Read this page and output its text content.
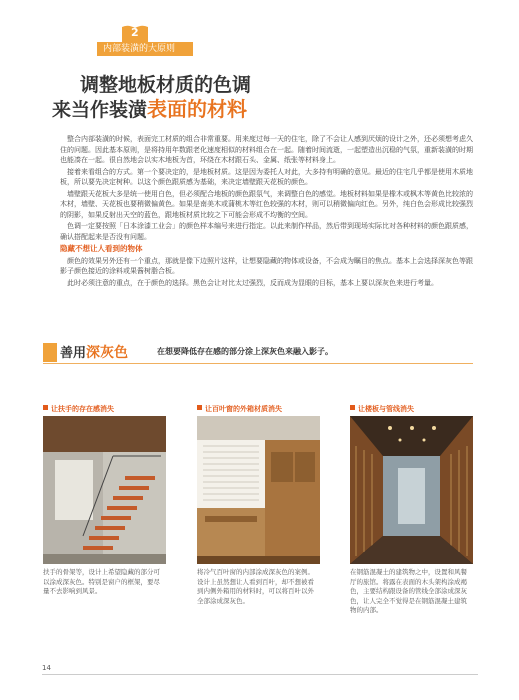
2
内部装潢的大原则
调整地板材质的色调
来当作装潢表面的材料

整合内部装潢的时候，表面完工材质的组合非常重要。用来度过每一天的住宅，除了不会让人感到厌烦的设计之外，还必须想考虑久住的问题。因此基本原则，是将持用年数跟老化速度相似的材料组合在一起。随着时间流逝，一起塑造出沉稳的气氛，重新装潢的时期也能凑在一起。很自然地会以实木地板为首，环绕在木材跟石头、金属、纸张等材料身上。

接着来看组合的方式。第一个要决定的，是地板材质。这是因为委托人对此，大多持有明确的意见。最近的住宅几乎都是使用木质地板，所以要先决定树种。以这个颜色跟质感为基础，来决定墙壁跟天花板的颜色。

墙壁跟天花板大多是统一使用白色，但必须配合地板的颜色跟氛气，来调整白色的感觉。地板材料如果是橡木或枫木等黄色比较浓的木材，墙壁、天花板也要稍微偏黄色。如果是南美木或蒲桃木等红色较强的木材，则可以稍微偏向红色。另外，纯白色会形成比较强烈的阴影，如果反射出天空的蓝色，跟地板材质比较之下可能会形成不均衡的空间。

色调一定要按照「日本涂漆工业会」的颜色样本编号来进行指定。以此来制作样品，然后带到现场实际比对各种材料的颜色跟质感，确认搭配起来是否没有问题。

隐藏不想让人看到的物体

颜色的效果另外还有一个重点，那就是像下边照片这样，让想要隐藏的物体或设备，不会成为瞩目的焦点。基本上会选择深灰色等跟影子颜色接近的涂料或果酱树脂合板。

此时必须注意的重点，在于颜色的选择。黑色会让对比太过强烈，反而成为显眼的目标，基本上要以深灰色来进行考量。

善用深灰色	在想要降低存在感的部分涂上深灰色来融入影子。
让扶手的存在感消失
扶手的骨架等，设计上希望隐藏的部分可以涂成深灰色。特别是窗户的框架，要尽量不去影响到风景。
让百叶窗的外箱材质消失
将冷气百叶窗的内部涂成深灰色的案例。设计上虽然想让人看到百叶，却不想被看到内侧外箱用的材料时，可以将百叶以外全部涂成深灰色。
让楼板与管线消失
在钢筋混凝土的建筑物之中，设置和风餐厅的旅馆。将露在表面的木头架构涂成褐色，主要结构跟设备的管线全部涂成深灰色，让人完全不觉得是在钢筋混凝土建筑物的内部。
14
